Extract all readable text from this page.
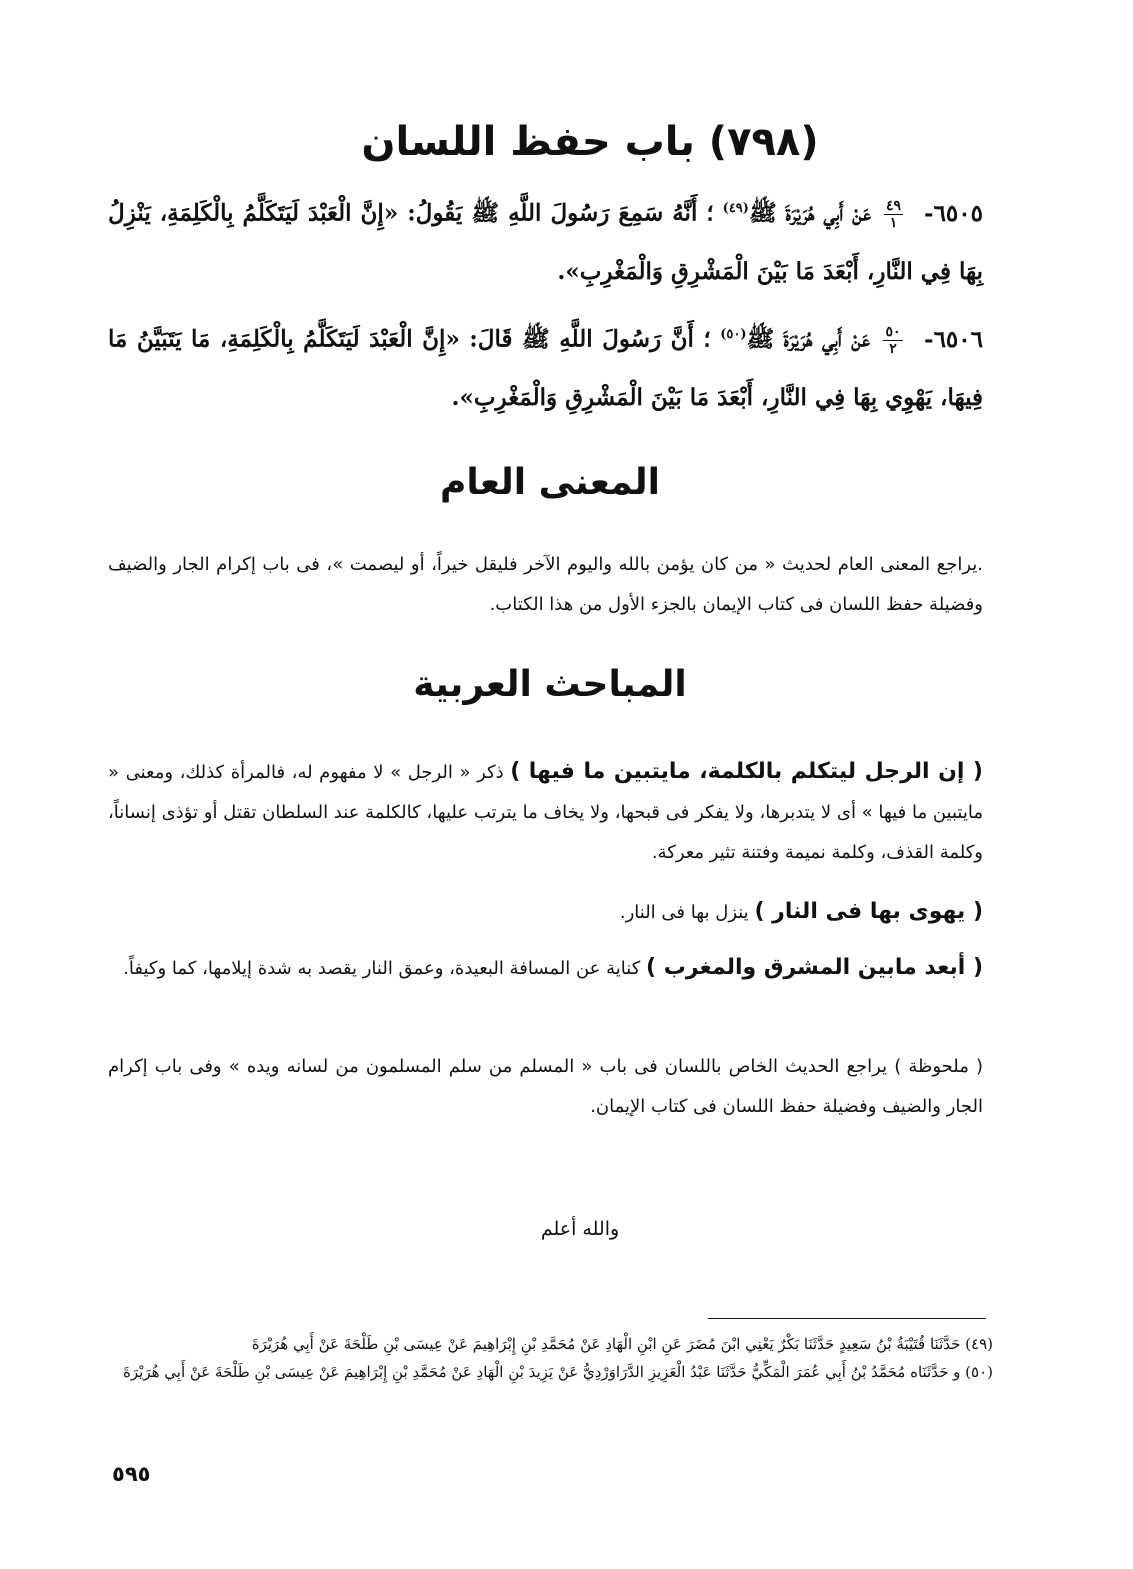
(٧٩٨) باب حفظ اللسان

٦٥٠٥-
$\frac{٤٩}{١}$
عَنْ أَبِي هُرَيْرَةَ ﷺ$^{(٤٩)}$ ؛ أَنَّهُ سَمِعَ رَسُولَ اللَّهِ ﷺ يَقُولُ: «إِنَّ الْعَبْدَ لَيَتَكَلَّمُ بِالْكَلِمَةِ، يَنْزِلُ بِهَا فِي النَّارِ، أَبْعَدَ مَا بَيْنَ الْمَشْرِقِ وَالْمَغْرِبِ».

٦٥٠٦-
$\frac{٥٠}{٢}$
عَنْ أَبِي هُرَيْرَةَ ﷺ$^{(٥٠)}$ ؛ أَنَّ رَسُولَ اللَّهِ ﷺ قَالَ: «إِنَّ الْعَبْدَ لَيَتَكَلَّمُ بِالْكَلِمَةِ، مَا يَتَبَيَّنُ مَا فِيهَا، يَهْوِي بِهَا فِي النَّارِ، أَبْعَدَ مَا بَيْنَ الْمَشْرِقِ وَالْمَغْرِبِ».

المعنى العام

.يراجع المعنى العام لحديث « من كان يؤمن بالله واليوم الآخر فليقل خيراً، أو ليصمت »، فى باب إكرام الجار والضيف وفضيلة حفظ اللسان فى كتاب الإيمان بالجزء الأول من هذا الكتاب.

المباحث العربية

( إن الرجل ليتكلم بالكلمة، مايتبين ما فيها ) ذكر « الرجل » لا مفهوم له، فالمرأة كذلك، ومعنى « مايتبين ما فيها » أى لا يتدبرها، ولا يفكر فى قبحها، ولا يخاف ما يترتب عليها، كالكلمة عند السلطان تقتل أو تؤذى إنساناً، وكلمة القذف، وكلمة نميمة وفتنة تثير معركة.

( يهوى بها فى النار ) ينزل بها فى النار.

( أبعد مابين المشرق والمغرب ) كناية عن المسافة البعيدة، وعمق النار يقصد به شدة إيلامها، كما وكيفاً.

( ملحوظة ) يراجع الحديث الخاص باللسان فى باب « المسلم من سلم المسلمون من لسانه ويده » وفى باب إكرام الجار والضيف وفضيلة حفظ اللسان فى كتاب الإيمان.

والله أعلم

(٤٩) حَدَّثَنَا قُتَيْبَةُ بْنُ سَعِيدٍ حَدَّثَنَا بَكْرٌ يَعْنِي ابْنَ مُضَرَ عَنِ ابْنِ الْهَادِ عَنْ مُحَمَّدِ بْنِ إِبْرَاهِيمَ عَنْ عِيسَى بْنِ طَلْحَةَ عَنْ أَبِي هُرَيْرَةَ

(٥٠) و حَدَّثَنَاه مُحَمَّدُ بْنُ أَبِي عُمَرَ الْمَكِّيُّ حَدَّثَنَا عَبْدُ الْعَزِيزِ الدَّرَاوَرْدِيُّ عَنْ يَزِيدَ بْنِ الْهَادِ عَنْ مُحَمَّدِ بْنِ إِبْرَاهِيمَ عَنْ عِيسَى بْنِ طَلْحَةَ عَنْ أَبِي هُرَيْرَةَ

٥٩٥
